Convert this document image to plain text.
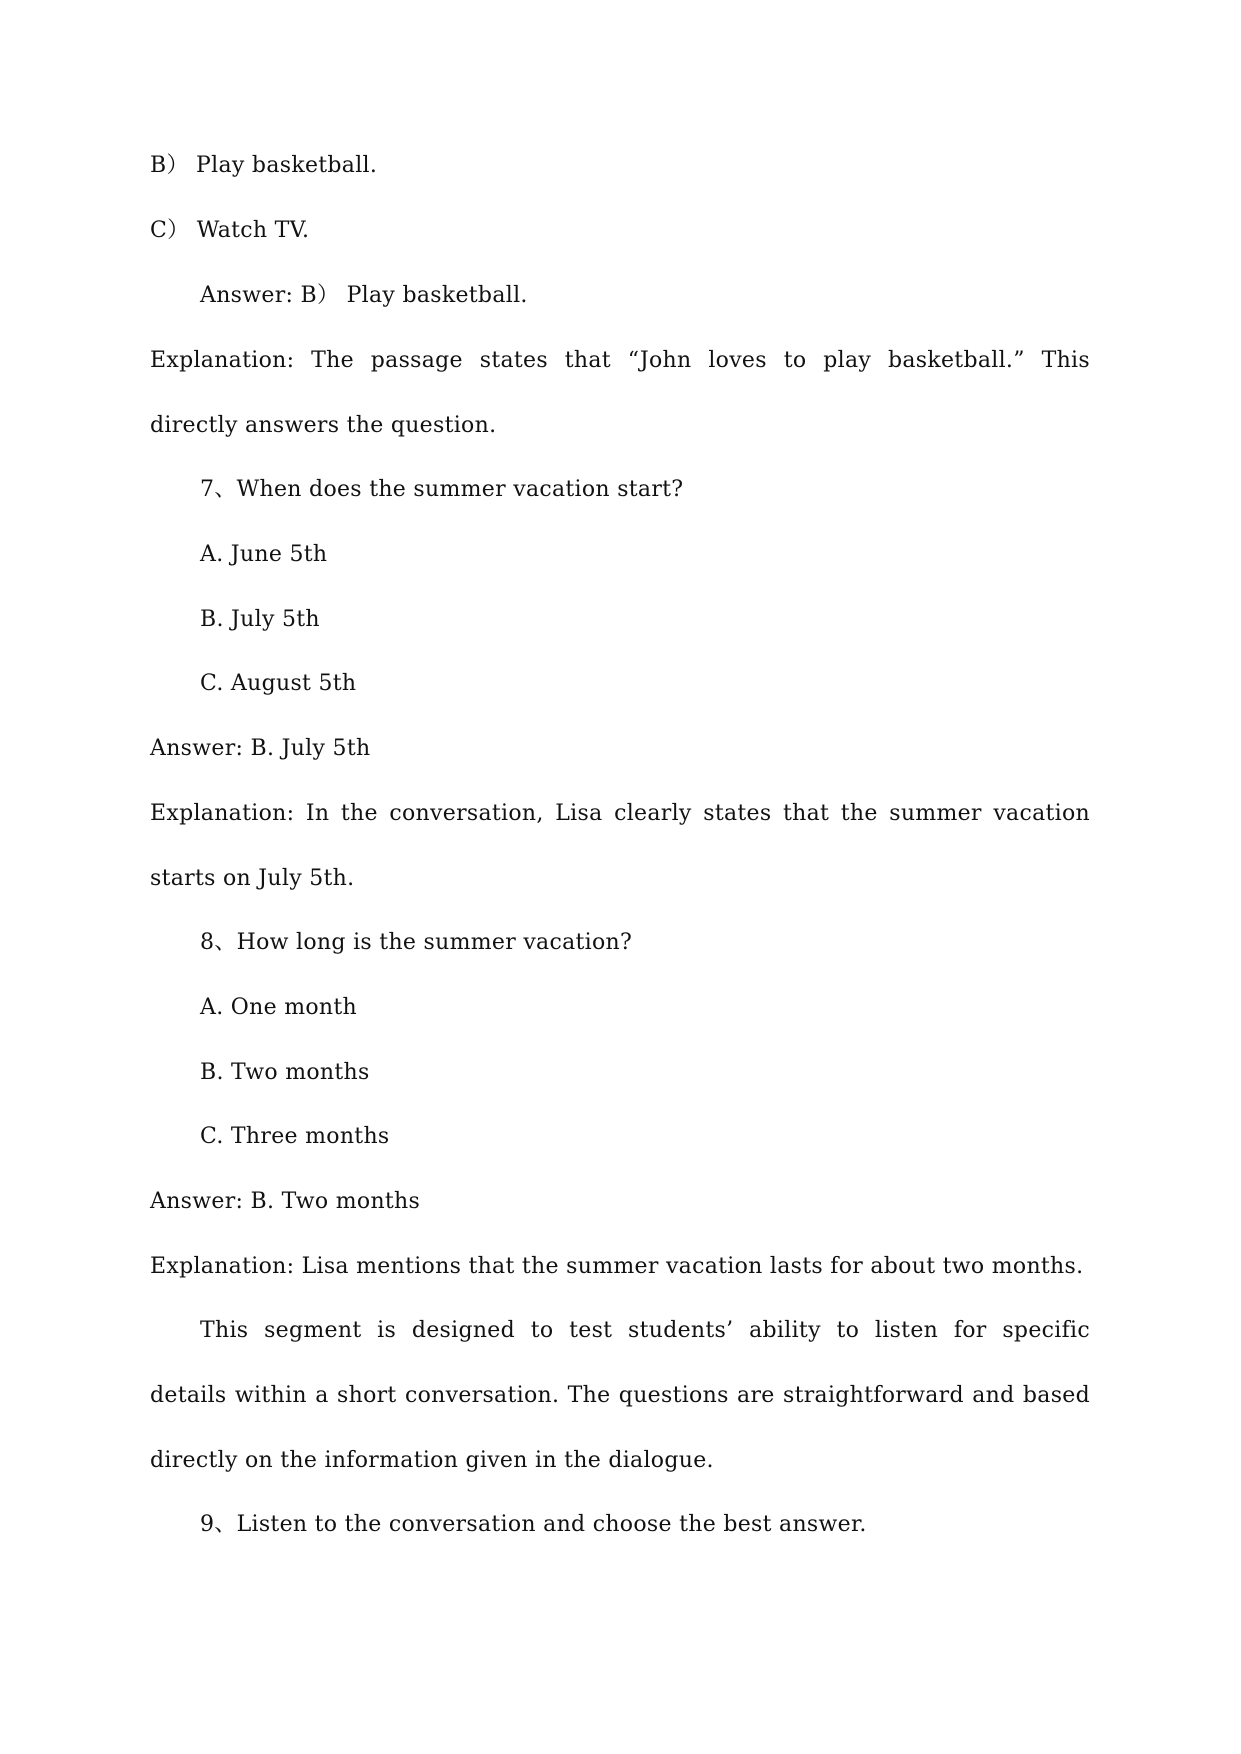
B） Play basketball.
C） Watch TV.
Answer: B） Play basketball.
Explanation: The passage states that “John loves to play basketball.” This
directly answers the question.
7、When does the summer vacation start?
A. June 5th
B. July 5th
C. August 5th
Answer: B. July 5th
Explanation: In the conversation, Lisa clearly states that the summer vacation
starts on July 5th.
8、How long is the summer vacation?
A. One month
B. Two months
C. Three months
Answer: B. Two months
Explanation: Lisa mentions that the summer vacation lasts for about two months.
This segment is designed to test students’ ability to listen for specific
details within a short conversation. The questions are straightforward and based
directly on the information given in the dialogue.
9、Listen to the conversation and choose the best answer.
